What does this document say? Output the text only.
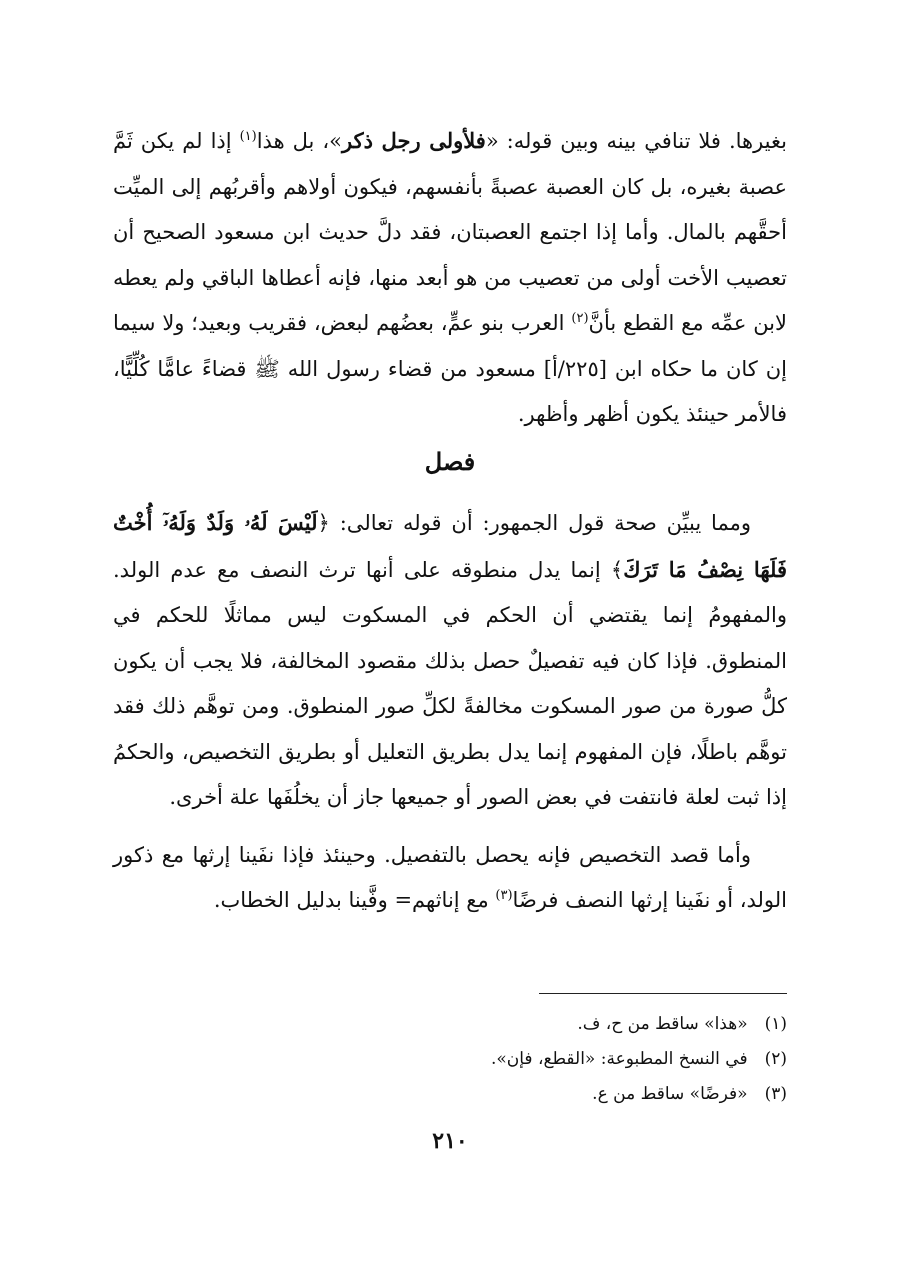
بغيرها. فلا تنافي بينه وبين قوله: «فلأولى رجل ذكر»، بل هذا$^{(١)}$ إذا لم يكن ثَمَّ عصبة بغيره، بل كان العصبة عصبةً بأنفسهم، فيكون أولاهم وأقربُهم إلى الميِّت أحقَّهم بالمال. وأما إذا اجتمع العصبتان، فقد دلَّ حديث ابن مسعود الصحيح أن تعصيب الأخت أولى من تعصيب من هو أبعد منها، فإنه أعطاها الباقي ولم يعطه لابن عمِّه مع القطع بأنَّ$^{(٢)}$ العرب بنو عمٍّ، بعضُهم لبعض، فقريب وبعيد؛ ولا سيما إن كان ما حكاه ابن [٢٢٥/أ] مسعود من قضاء رسول الله ﷺ قضاءً عامًّا كُلِّيًّا، فالأمر حينئذ يكون أظهر وأظهر.

فصل

ومما يبيِّن صحة قول الجمهور: أن قوله تعالى: ﴿لَيْسَ لَهُۥ وَلَدٌ وَلَهُۥٓ أُخْتٌ فَلَهَا نِصْفُ مَا تَرَكَ﴾ إنما يدل منطوقه على أنها ترث النصف مع عدم الولد. والمفهومُ إنما يقتضي أن الحكم في المسكوت ليس مماثلًا للحكم في المنطوق. فإذا كان فيه تفصيلٌ حصل بذلك مقصود المخالفة، فلا يجب أن يكون كلُّ صورة من صور المسكوت مخالفةً لكلِّ صور المنطوق. ومن توهَّم ذلك فقد توهَّم باطلًا، فإن المفهوم إنما يدل بطريق التعليل أو بطريق التخصيص، والحكمُ إذا ثبت لعلة فانتفت في بعض الصور أو جميعها جاز أن يخلُفَها علة أخرى.

وأما قصد التخصيص فإنه يحصل بالتفصيل. وحينئذ فإذا نفَينا إرثها مع ذكور الولد، أو نفَينا إرثها النصف فرضًا$^{(٣)}$ مع إناثهم= وفَّينا بدليل الخطاب.

(١) «هذا» ساقط من ح، ف.
(٢) في النسخ المطبوعة: «القطع، فإن».
(٣) «فرضًا» ساقط من ع.
٢١٠
